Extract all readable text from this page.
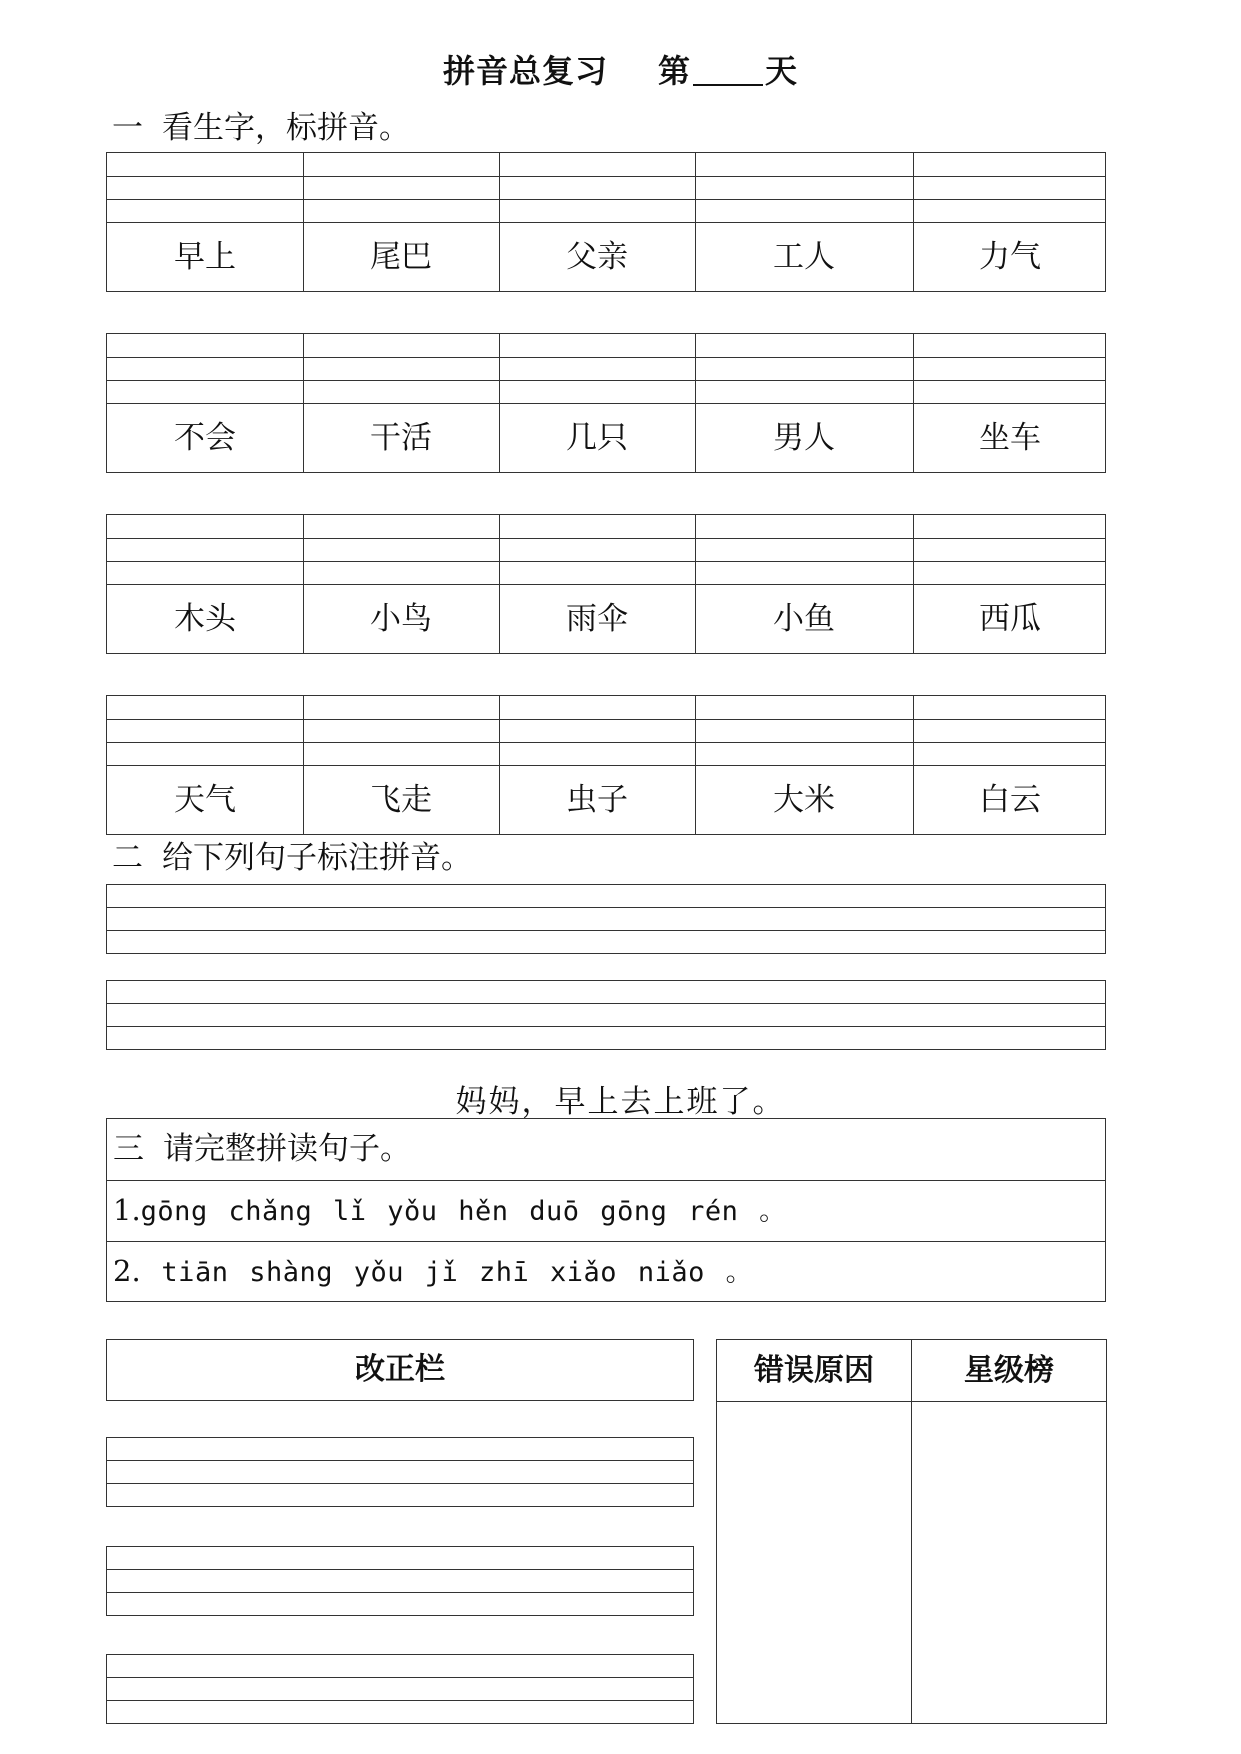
拼音总复习 第 天
一 看生字，标拼音。
早上	尾巴	父亲	工人	力气
不会	干活	几只	男人	坐车
木头	小鸟	雨伞	小鱼	西瓜
天气	飞走	虫子	大米	白云
二 给下列句子标注拼音。
妈妈，早上去上班了。
三 请完整拼读句子。
1.gōng chǎng lǐ yǒu hěn duō gōng rén 。
2. tiān shàng yǒu jǐ zhī xiǎo niǎo 。
改正栏	错误原因	星级榜
